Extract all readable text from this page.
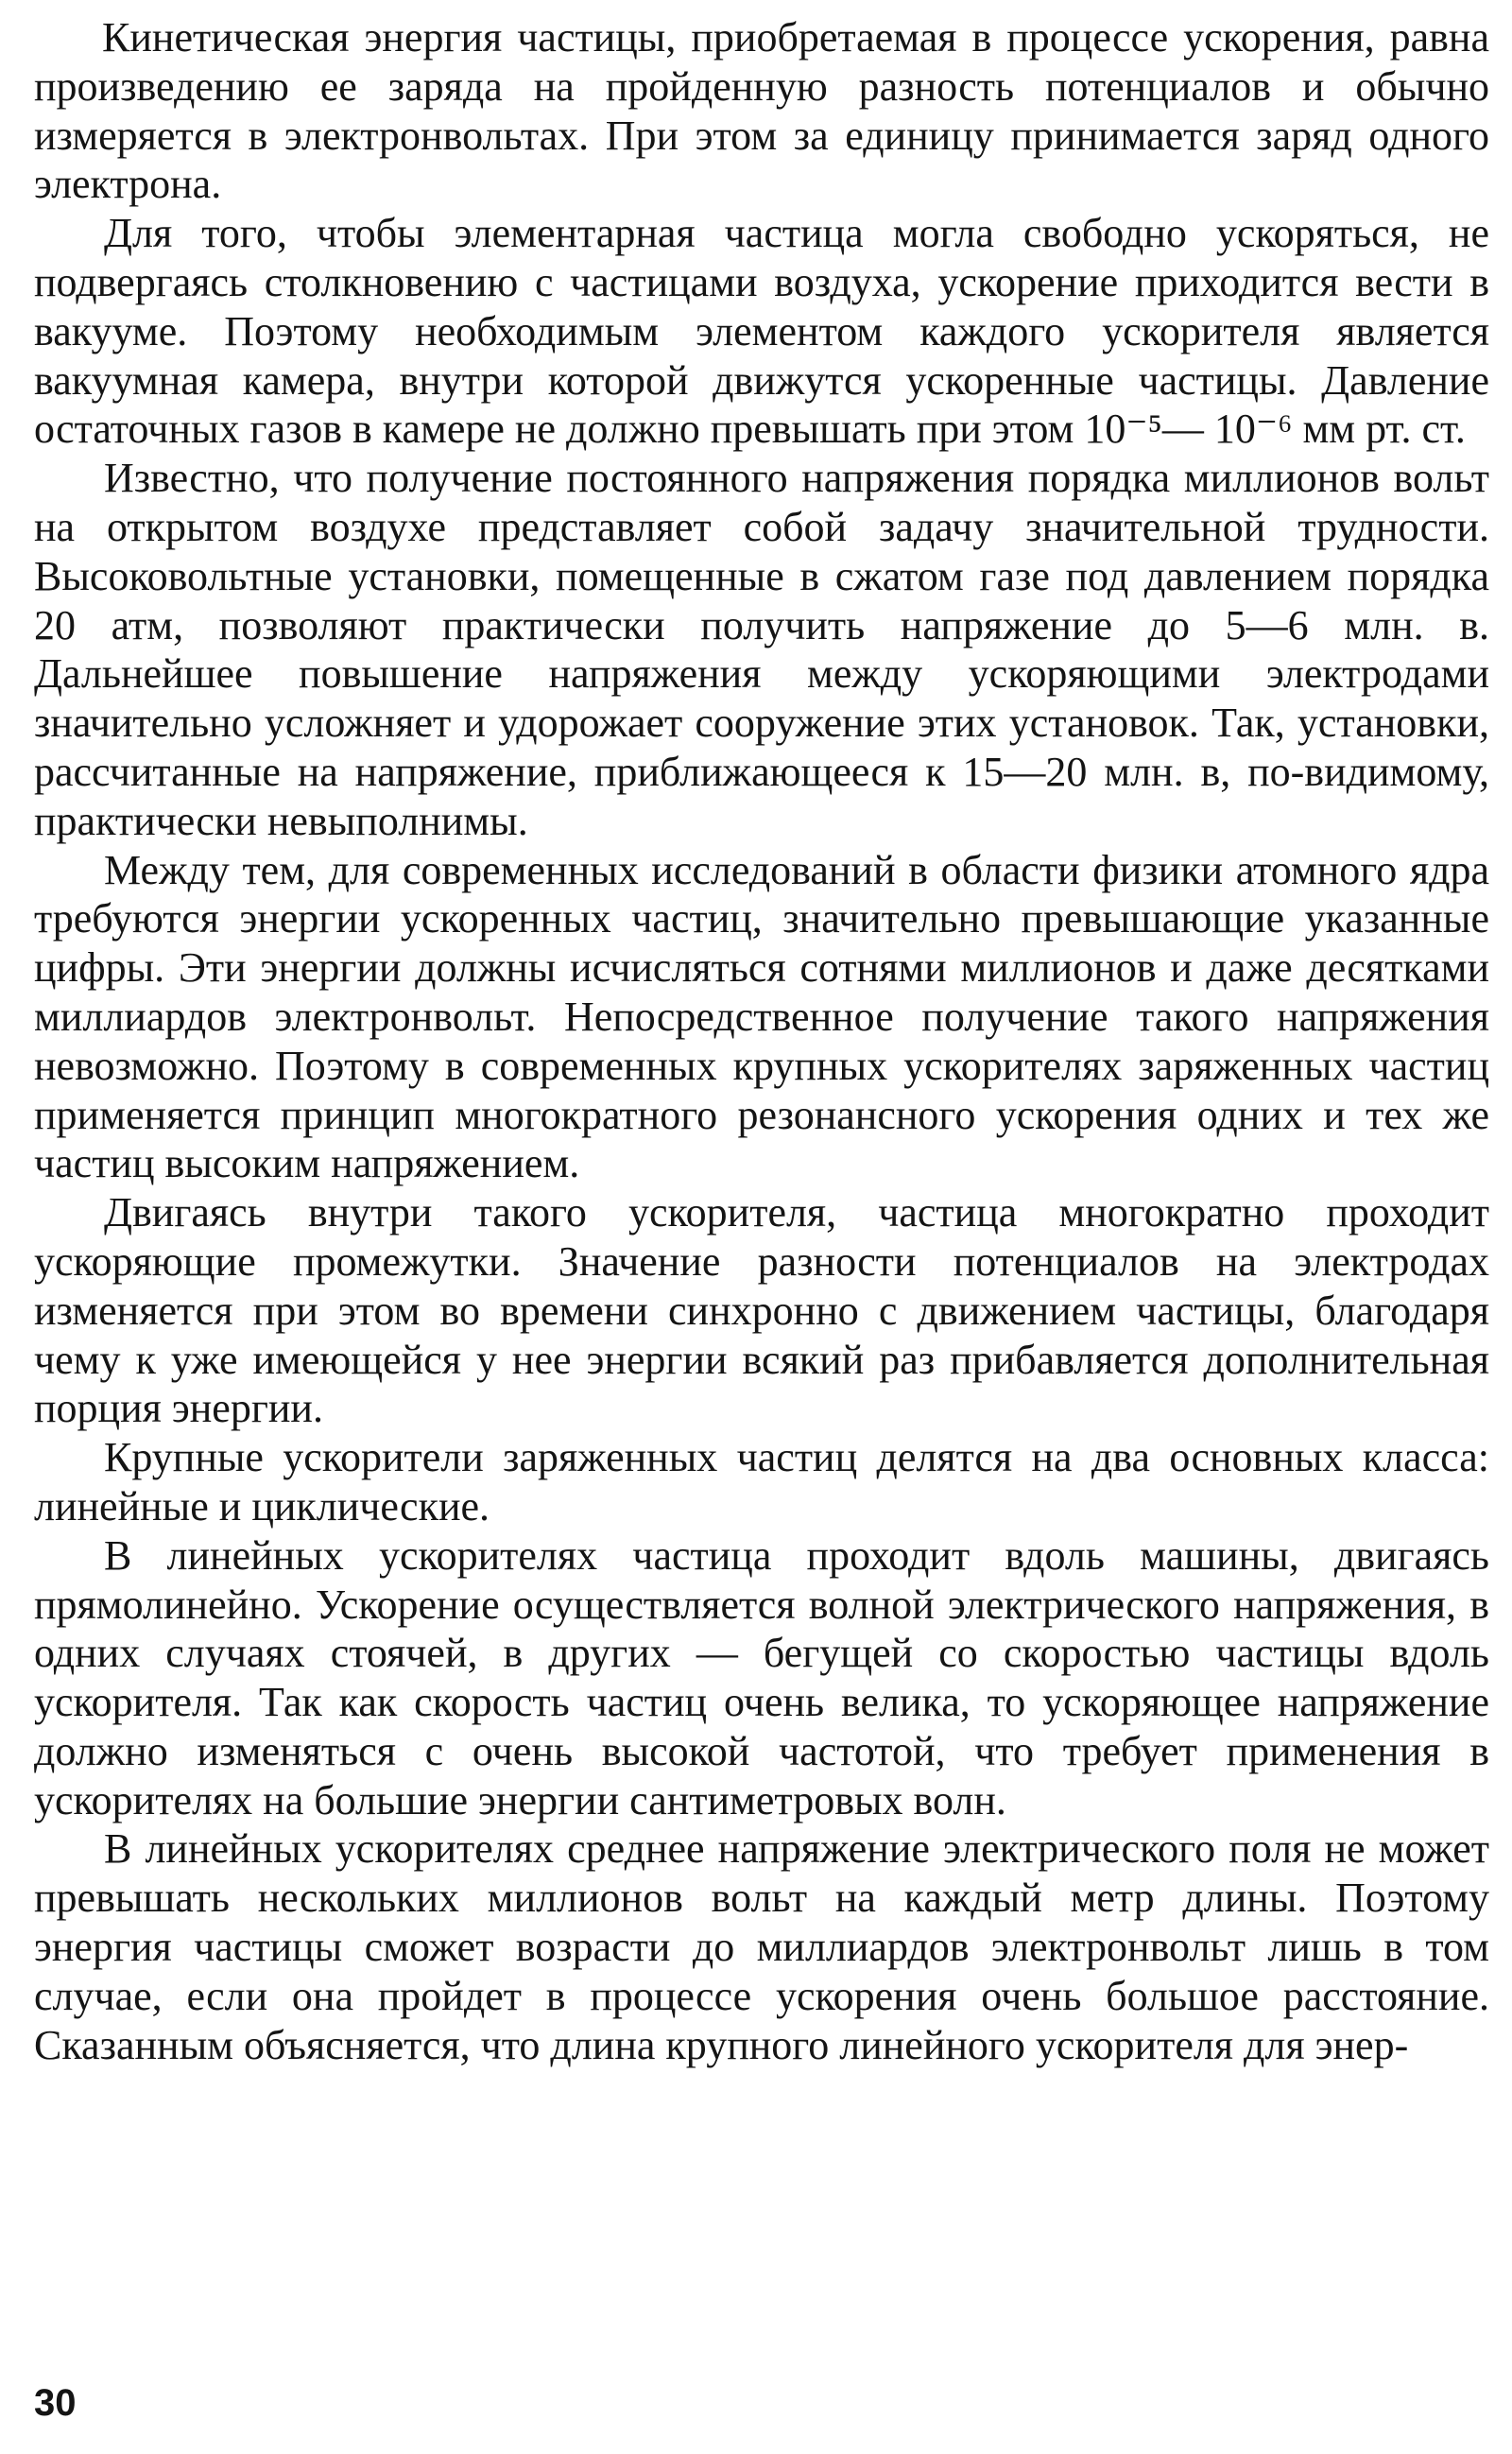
Кинетическая энергия частицы, приобретаемая в процессе ускорения, равна произведению ее заряда на пройденную разность потенциалов и обычно измеряется в электронвольтах. При этом за единицу принимается заряд одного электрона.

Для того, чтобы элементарная частица могла свободно ускоряться, не подвергаясь столкновению с частицами воздуха, ускорение приходится вести в вакууме. Поэтому необходимым элементом каждого ускорителя является вакуумная камера, внутри которой движутся ускоренные частицы. Давление остаточных газов в камере не должно превышать при этом 10⁻⁵— 10⁻⁶ мм рт. ст.

Известно, что получение постоянного напряжения порядка миллионов вольт на открытом воздухе представляет собой задачу значительной трудности. Высоковольтные установки, помещенные в сжатом газе под давлением порядка 20 атм, позволяют практически получить напряжение до 5—6 млн. в. Дальнейшее повышение напряжения между ускоряющими электродами значительно усложняет и удорожает сооружение этих установок. Так, установки, рассчитанные на напряжение, приближающееся к 15—20 млн. в, по-видимому, практически невыполнимы.

Между тем, для современных исследований в области физики атомного ядра требуются энергии ускоренных частиц, значительно превышающие указанные цифры. Эти энергии должны исчисляться сотнями миллионов и даже десятками миллиардов электронвольт. Непосредственное получение такого напряжения невозможно. Поэтому в современных крупных ускорителях заряженных частиц применяется принцип многократного резонансного ускорения одних и тех же частиц высоким напряжением.

Двигаясь внутри такого ускорителя, частица многократно проходит ускоряющие промежутки. Значение разности потенциалов на электродах изменяется при этом во времени синхронно с движением частицы, благодаря чему к уже имеющейся у нее энергии всякий раз прибавляется дополнительная порция энергии.

Крупные ускорители заряженных частиц делятся на два основных класса: линейные и циклические.

В линейных ускорителях частица проходит вдоль машины, двигаясь прямолинейно. Ускорение осуществляется волной электрического напряжения, в одних случаях стоячей, в других — бегущей со скоростью частицы вдоль ускорителя. Так как скорость частиц очень велика, то ускоряющее напряжение должно изменяться с очень высокой частотой, что требует применения в ускорителях на большие энергии сантиметровых волн.

В линейных ускорителях среднее напряжение электрического поля не может превышать нескольких миллионов вольт на каждый метр длины. Поэтому энергия частицы сможет возрасти до миллиардов электронвольт лишь в том случае, если она пройдет в процессе ускорения очень большое расстояние. Сказанным объясняется, что длина крупного линейного ускорителя для энер-

30
